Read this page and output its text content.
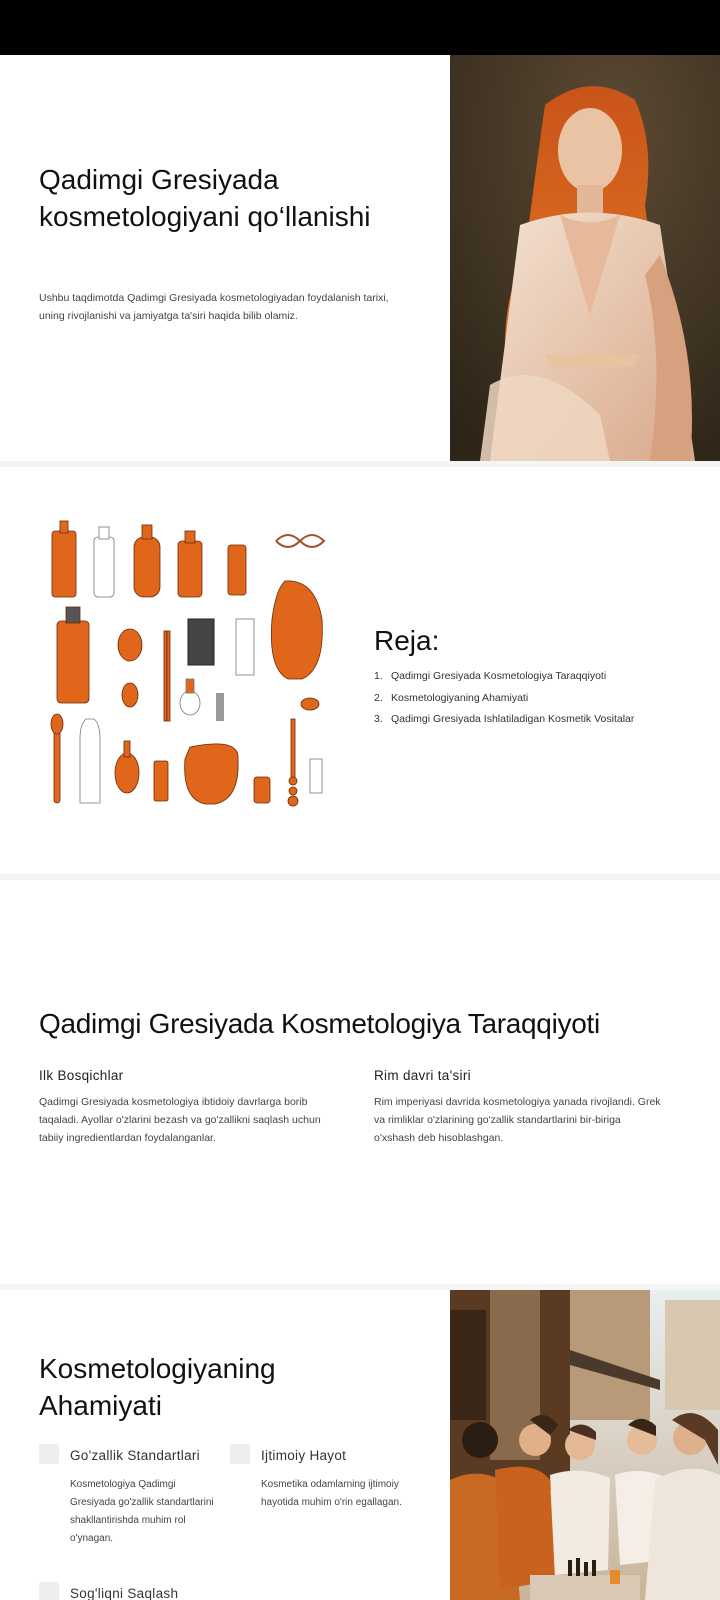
Qadimgi Gresiyada kosmetologiyani qo‘llanishi

Ushbu taqdimotda Qadimgi Gresiyada kosmetologiyadan foydalanish tarixi, uning rivojlanishi va jamiyatga ta'siri haqida bilib olamiz.

Reja:
1. Qadimgi Gresiyada Kosmetologiya Taraqqiyoti
2. Kosmetologiyaning Ahamiyati
3. Qadimgi Gresiyada Ishlatiladigan Kosmetik Vositalar
Qadimgi Gresiyada Kosmetologiya Taraqqiyoti
Ilk Bosqichlar

Qadimgi Gresiyada kosmetologiya ibtidoiy davrlarga borib taqaladi. Ayollar o'zlarini bezash va go'zallikni saqlash uchun tabiiy ingredientlardan foydalanganlar.

Rim davri ta'siri

Rim imperiyasi davrida kosmetologiya yanada rivojlandi. Grek va rimliklar o'zlarining go'zallik standartlarini bir-biriga o'xshash deb hisoblashgan.

Kosmetologiyaning Ahamiyati
Go'zallik Standartlari

Kosmetologiya Qadimgi Gresiyada go'zallik standartlarini shakllantirishda muhim rol o'ynagan.

Ijtimoiy Hayot

Kosmetika odamlarning ijtimoiy hayotida muhim o'rin egallagan.

Sog'liqni Saqlash
